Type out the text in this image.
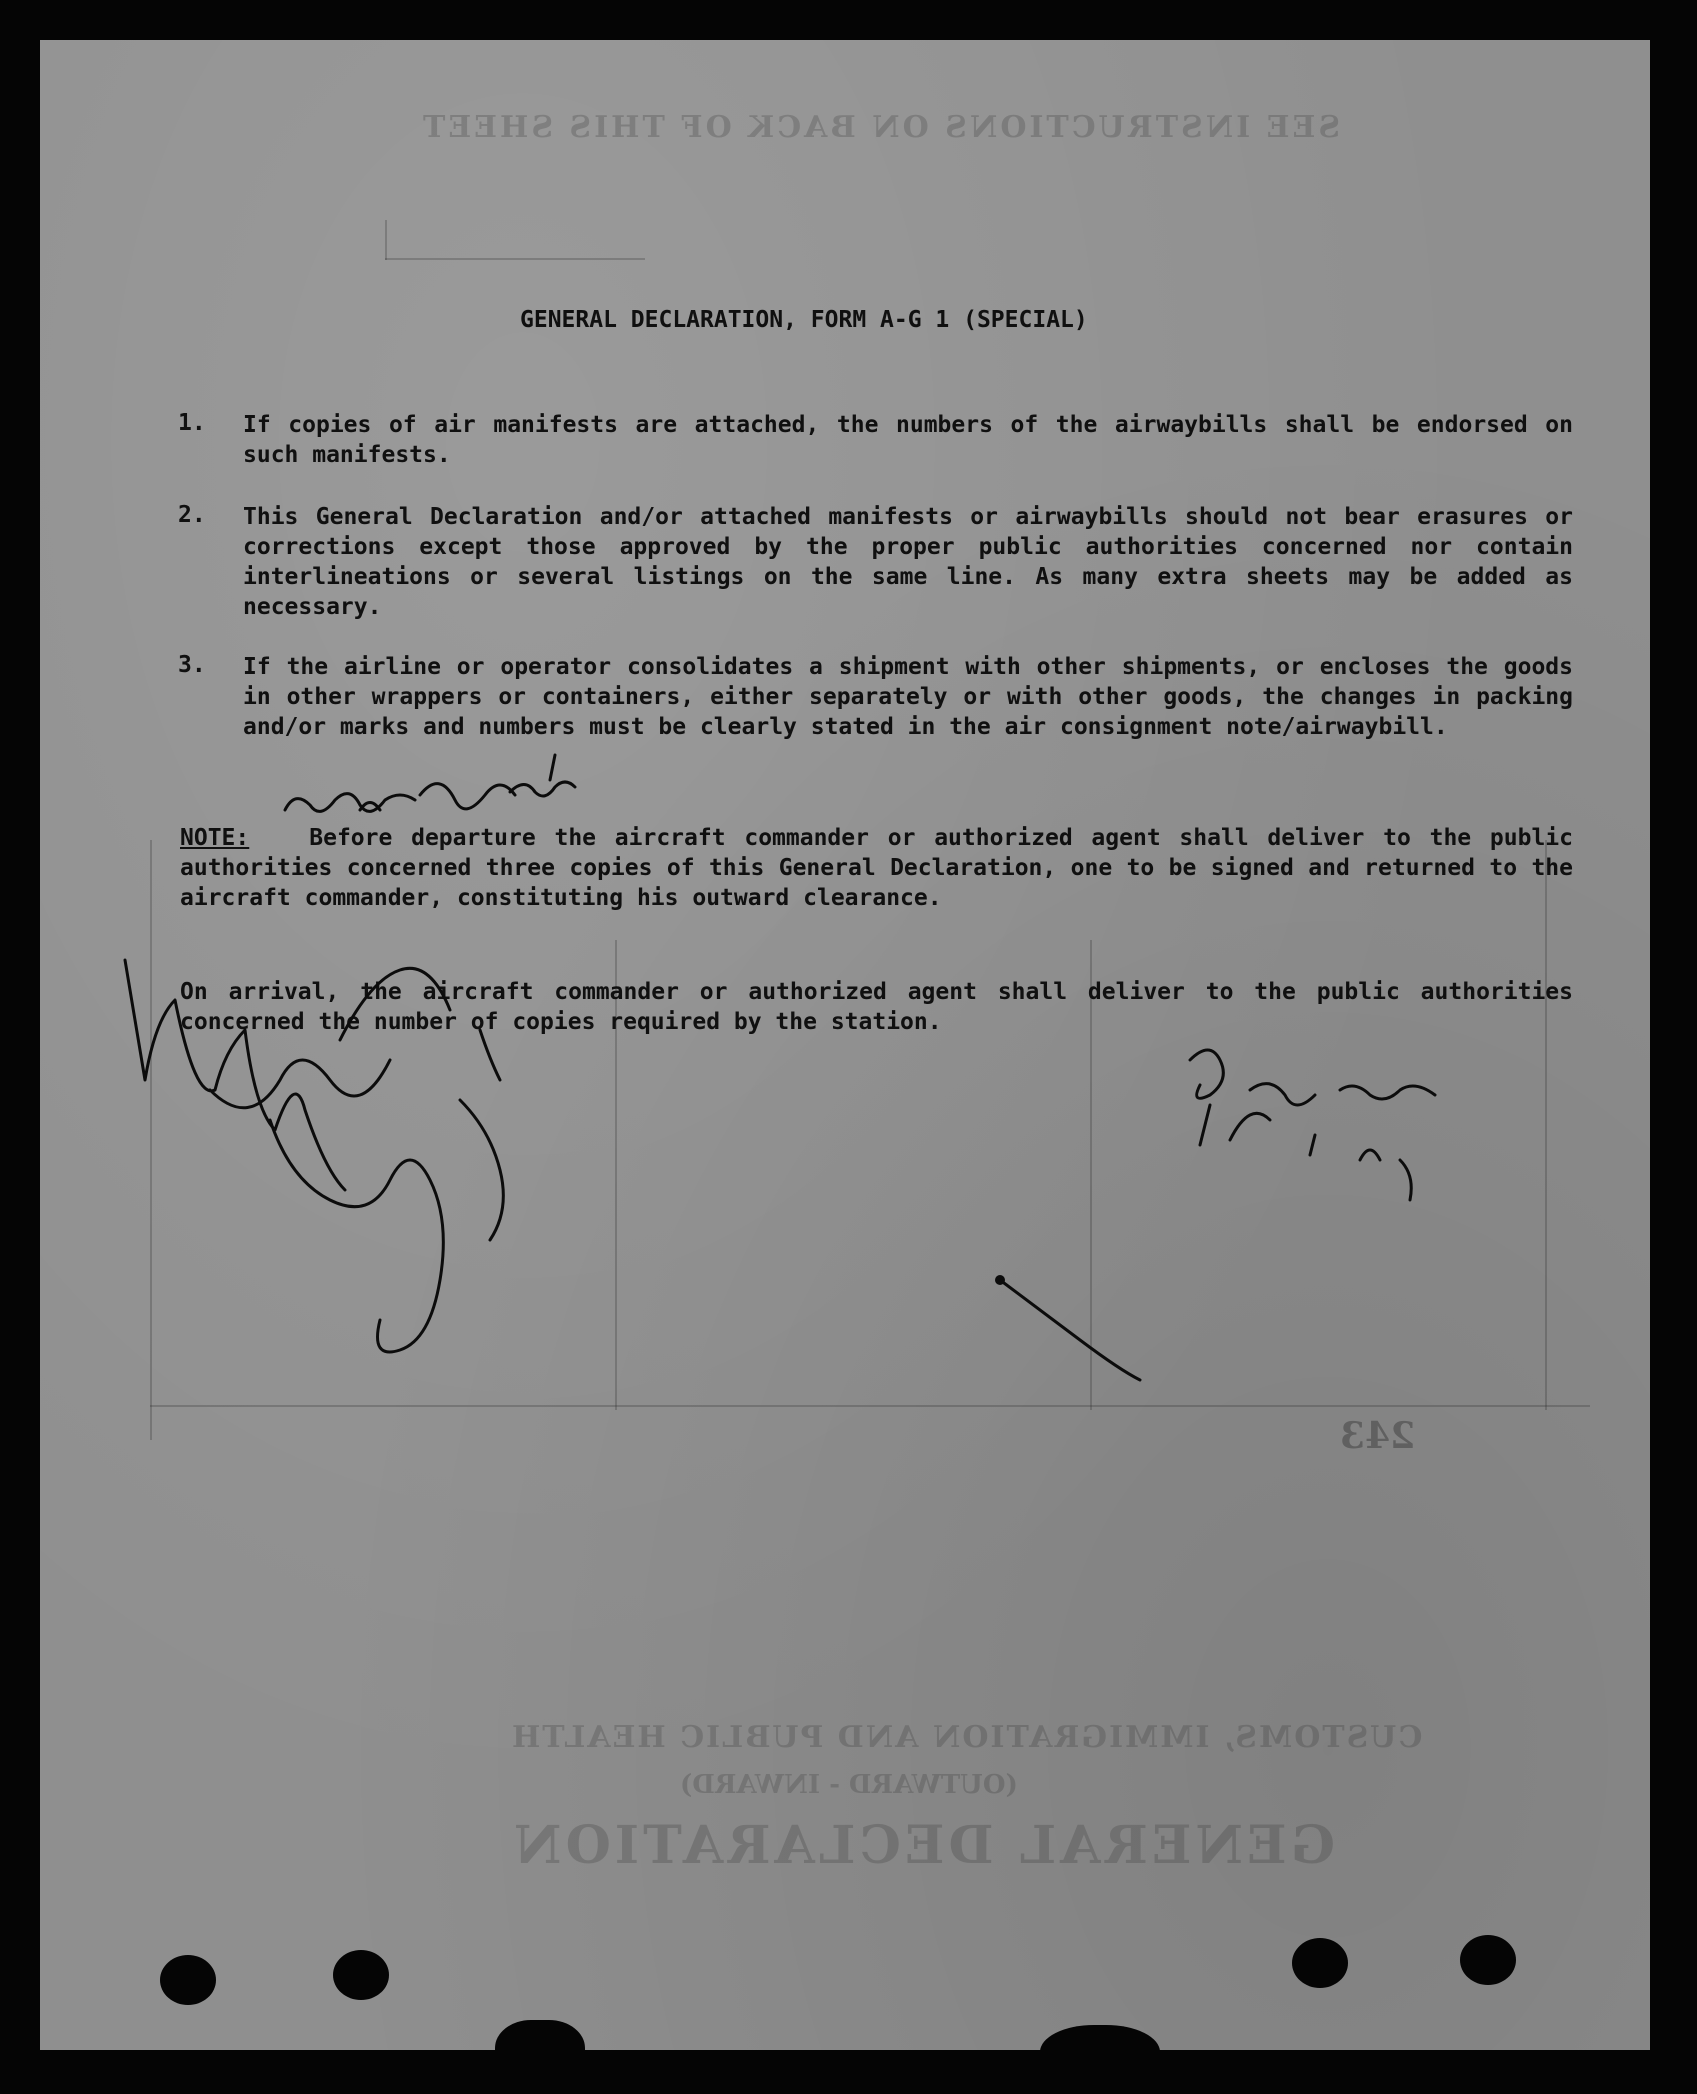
SEE INSTRUCTIONS ON BACK OF THIS SHEET
243
CUSTOMS, IMMIGRATION AND PUBLIC HEALTH
(OUTWARD - INWARD)
GENERAL DECLARATION
GENERAL DECLARATION, FORM A-G 1 (SPECIAL)
1. If copies of air manifests are attached, the numbers of the airwaybills shall be endorsed on such manifests.
2. This General Declaration and/or attached manifests or airwaybills should not bear erasures or corrections except those approved by the proper public authorities concerned nor contain interlineations or several listings on the same line. As many extra sheets may be added as necessary.
3. If the airline or operator consolidates a shipment with other shipments, or encloses the goods in other wrappers or containers, either separately or with other goods, the changes in packing and/or marks and numbers must be clearly stated in the air consignment note/airwaybill.
NOTE:	Before departure the aircraft commander or authorized agent shall deliver to the public authorities concerned three copies of this General Declaration, one to be signed and returned to the aircraft commander, constituting his outward clearance.
On arrival, the aircraft commander or authorized agent shall deliver to the public authorities concerned the number of copies required by the station.
